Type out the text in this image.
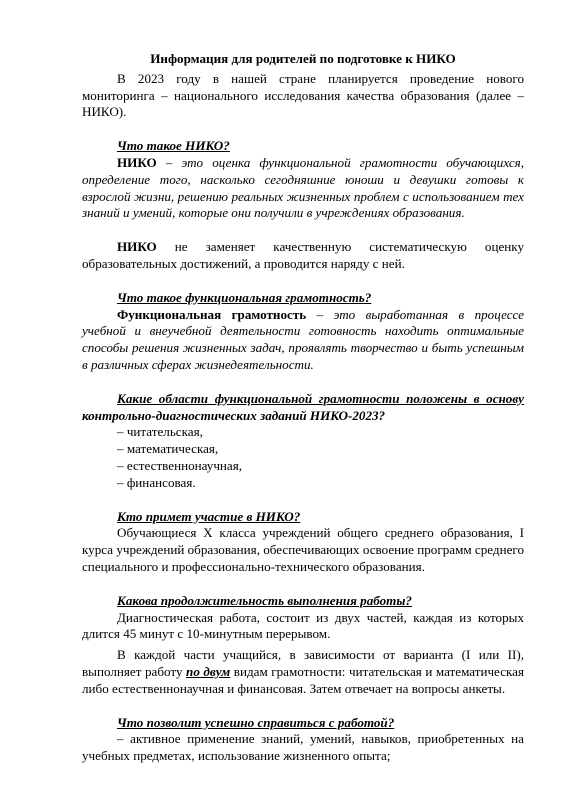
Информация для родителей по подготовке к НИКО

В 2023 году в нашей стране планируется проведение нового мониторинга – национального исследования качества образования (далее – НИКО).

Что такое НИКО?

НИКО – это оценка функциональной грамотности обучающихся, определение того, насколько сегодняшние юноши и девушки готовы к взрослой жизни, решению реальных жизненных проблем с использованием тех знаний и умений, которые они получили в учреждениях образования.

НИКО не заменяет качественную систематическую оценку образовательных достижений, а проводится наряду с ней.

Что такое функциональная грамотность?

Функциональная грамотность – это выработанная в процессе учебной и внеучебной деятельности готовность находить оптимальные способы решения жизненных задач, проявлять творчество и быть успешным в различных сферах жизнедеятельности.

Какие области функциональной грамотности положены в основу контрольно-диагностических заданий НИКО-2023?

– читательская,

– математическая,

– естественнонаучная,

– финансовая.

Кто примет участие в НИКО?

Обучающиеся X класса учреждений общего среднего образования, I курса учреждений образования, обеспечивающих освоение программ среднего специального и профессионально-технического образования.

Какова продолжительность выполнения работы?

Диагностическая работа, состоит из двух частей, каждая из которых длится 45 минут с 10-минутным перерывом.

В каждой части учащийся, в зависимости от варианта (I или II), выполняет работу по двум видам грамотности: читательская и математическая либо естественнонаучная и финансовая. Затем отвечает на вопросы анкеты.

Что позволит успешно справиться с работой?

– активное применение знаний, умений, навыков, приобретенных на учебных предметах, использование жизненного опыта;
